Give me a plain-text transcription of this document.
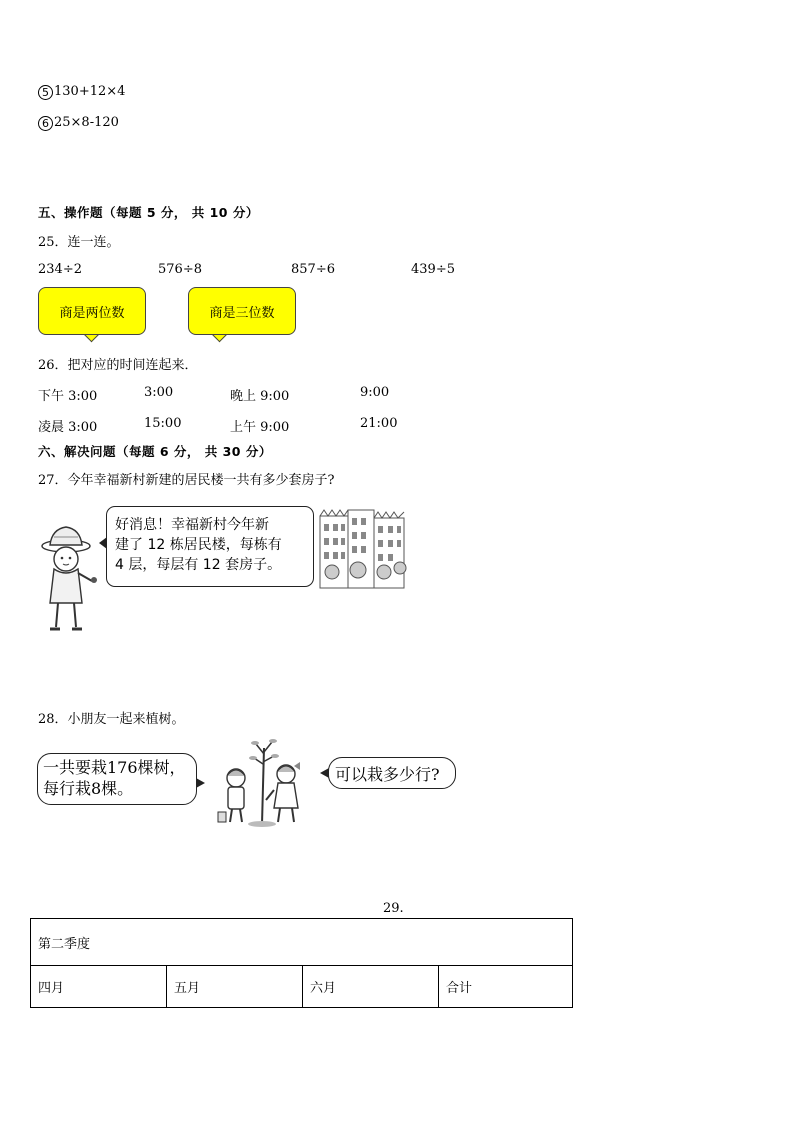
5 130+12×4
6 25×8-120
五、操作题（每题 5 分， 共 10 分）
25．连一连。
234÷2	576÷8	857÷6	439÷5
商是两位数	商是三位数
26．把对应的时间连起来．
下午 3:00	3:00	晚上 9:00	9:00
凌晨 3:00	15:00	上午 9:00	21:00
六、解决问题（每题 6 分， 共 30 分）
27．今年幸福新村新建的居民楼一共有多少套房子?
好消息！幸福新村今年新
建了 12 栋居民楼，每栋有
4 层，每层有 12 套房子。
28．小朋友一起来植树。
一共要栽176棵树，
每行栽8棵。
可以栽多少行?
29.
第二季度
四月	五月	六月	合计
